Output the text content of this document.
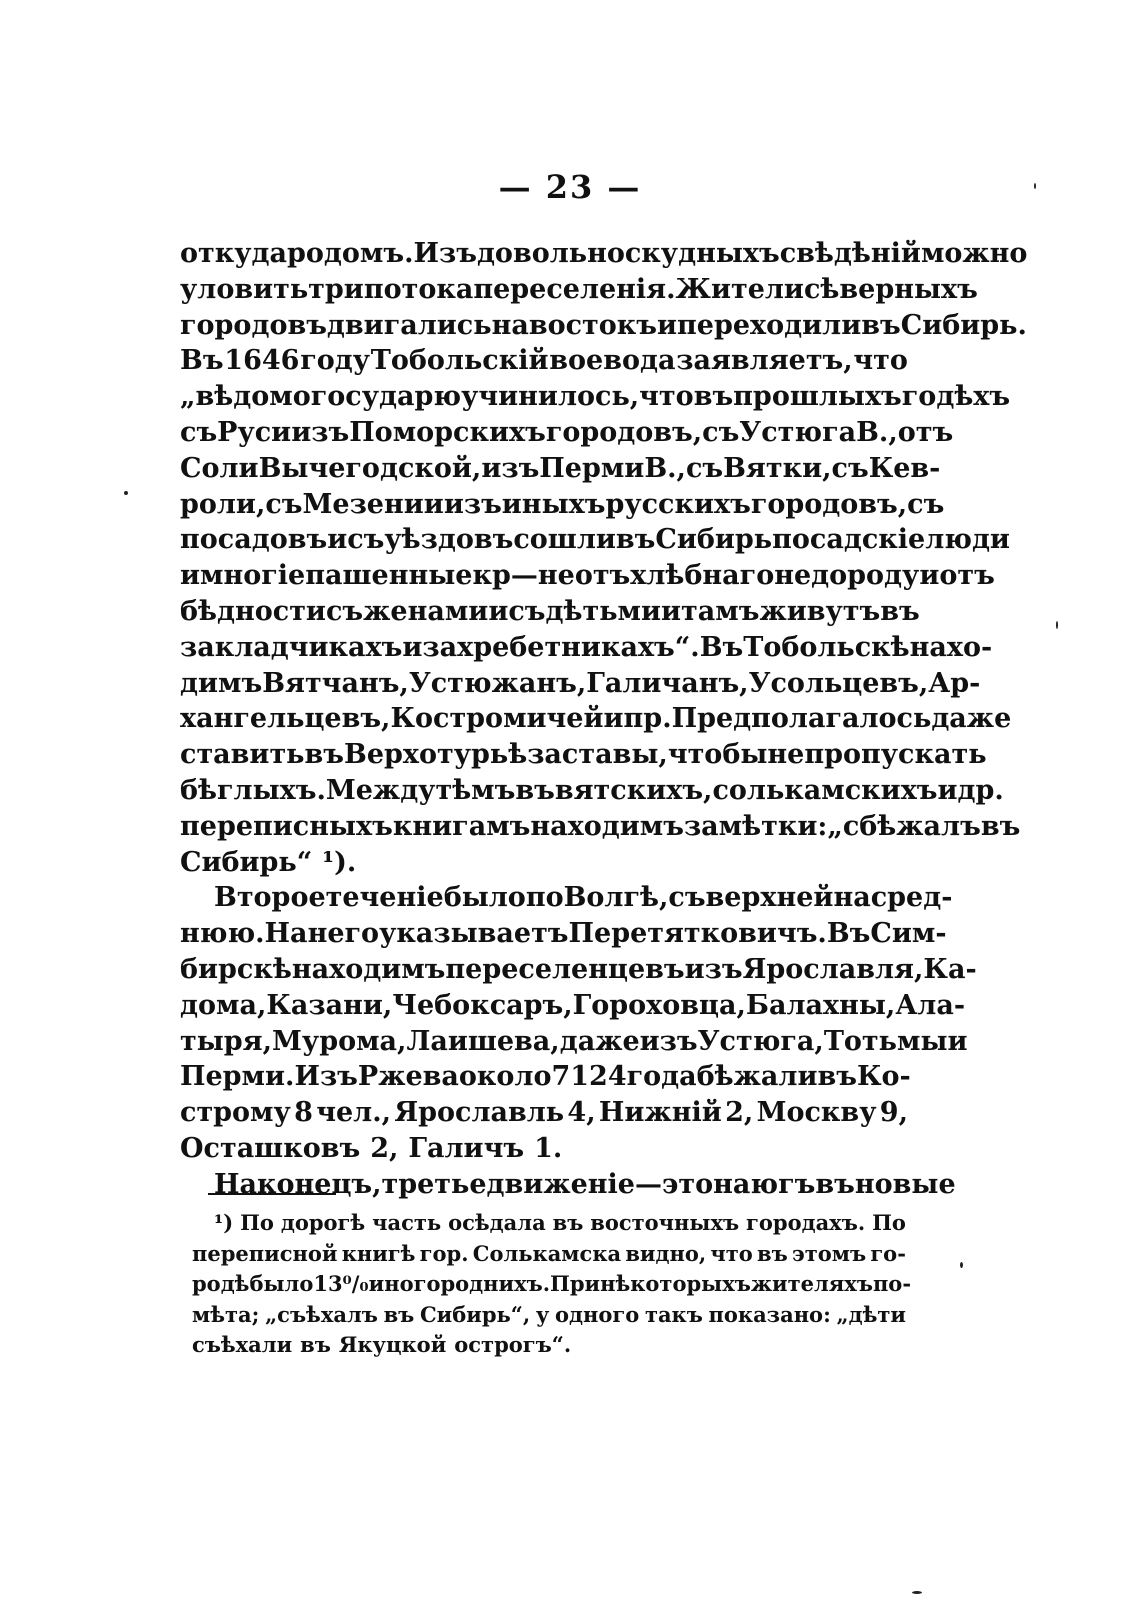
— 23 —
откуда родомъ. Изъ довольно скудныхъ свѣдѣній можно
уловить три потока переселенія. Жители сѣверныхъ
городовъ двигались на востокъ и переходили въ Сибирь.
Въ 1646 году Тобольскій воевода заявляетъ, что
„вѣдомо государю учинилось, что въ прошлыхъ годѣхъ
съ Руси изъ Поморскихъ городовъ, съ Устюга В., отъ
Соли Вычегодской, изъ Перми В., съ Вятки, съ Кев-
роли, съ Мезени и изъ иныхъ русскихъ городовъ, съ
посадовъ и съ уѣздовъ сошли въ Сибирь посадскіе люди
и многіе пашенные кр—не отъ хлѣбнаго недороду и отъ
бѣдности съ женами и съ дѣтьми и тамъ живутъ въ
закладчикахъ и захребетникахъ“. Въ Тобольскѣ нахо-
димъ Вятчанъ, Устюжанъ, Галичанъ, Усольцевъ, Ар-
хангельцевъ, Костромичей и пр. Предполагалось даже
ставить въ Верхотурьѣ заставы, чтобы не пропускать
бѣглыхъ. Между тѣмъ въ вятскихъ, солькамскихъ и др.
переписныхъ книгамъ находимъ замѣтки: „сбѣжалъ въ
Сибирь“ ¹).
Второе теченіе было по Волгѣ, съ верхней на сред-
нюю. На него указываетъ Перетятковичъ. Въ Сим-
бирскѣ находимъ переселенцевъ изъ Ярославля, Ка-
дома, Казани, Чебоксаръ, Гороховца, Балахны, Ала-
тыря, Мурома, Лаишева, даже изъ Устюга, Тотьмы и
Перми. Изъ Ржева около 7124 года бѣжали въ Ко-
строму 8 чел., Ярославль 4, Нижній 2, Москву 9,
Осташковъ 2, Галичъ 1.
Наконецъ, третье движеніе—это на югъ въ новые
¹) По дорогѣ часть осѣдала въ восточныхъ городахъ. По
переписной книгѣ гор. Солькамска видно, что въ этомъ го-
родѣ было 13⁰/₀ иногороднихъ. При нѣкоторыхъ жителяхъ по-
мѣта; „съѣхалъ въ Сибирь“, у одного такъ показано: „дѣти
съѣхали въ Якуцкой острогъ“.
